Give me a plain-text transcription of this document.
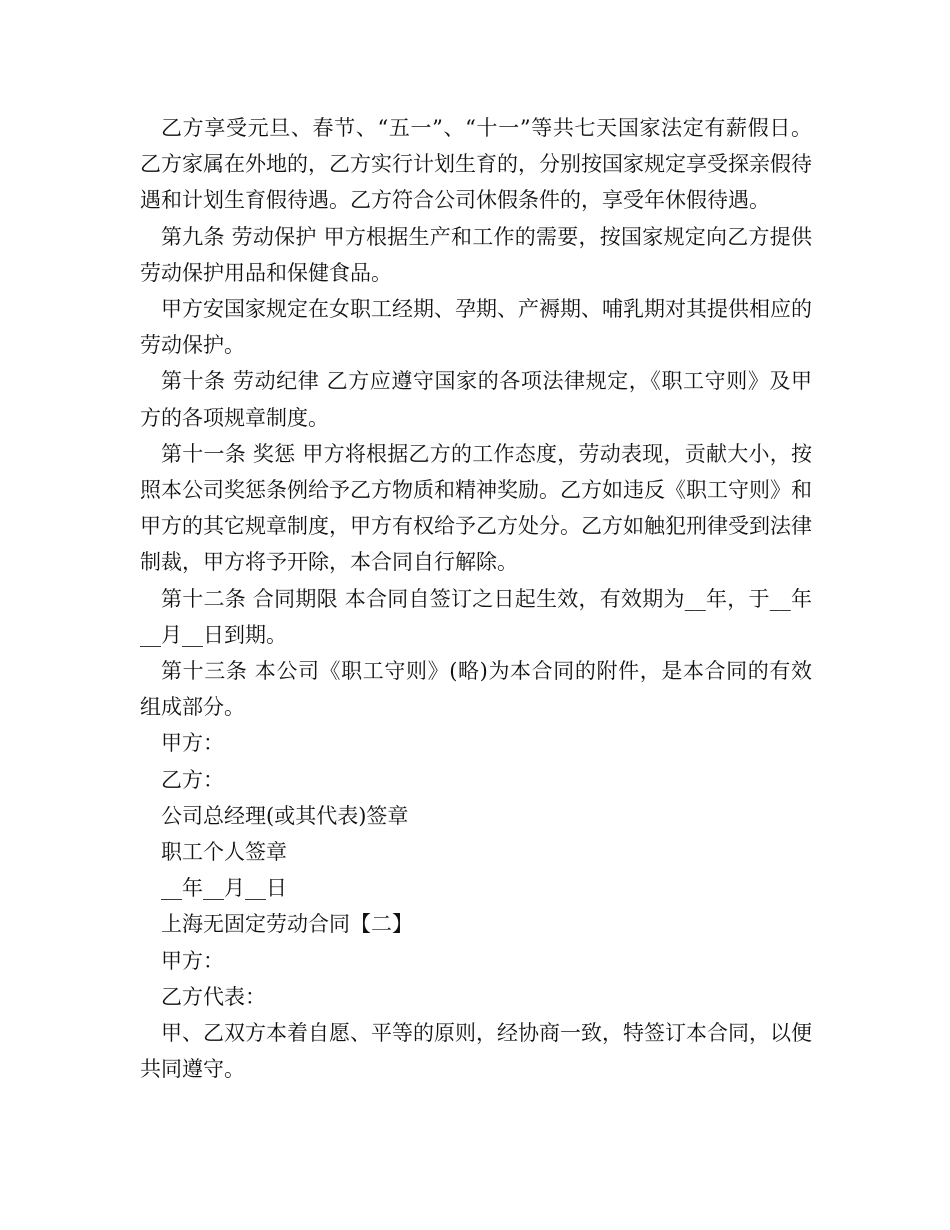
乙方享受元旦、春节、“五一”、“十一”等共七天国家法定有薪假日。乙方家属在外地的，乙方实行计划生育的，分别按国家规定享受探亲假待遇和计划生育假待遇。乙方符合公司休假条件的，享受年休假待遇。

第九条 劳动保护 甲方根据生产和工作的需要，按国家规定向乙方提供劳动保护用品和保健食品。

甲方安国家规定在女职工经期、孕期、产褥期、哺乳期对其提供相应的劳动保护。

第十条 劳动纪律 乙方应遵守国家的各项法律规定，《职工守则》及甲方的各项规章制度。

第十一条 奖惩 甲方将根据乙方的工作态度，劳动表现，贡献大小，按照本公司奖惩条例给予乙方物质和精神奖励。乙方如违反《职工守则》和甲方的其它规章制度，甲方有权给予乙方处分。乙方如触犯刑律受到法律制裁，甲方将予开除，本合同自行解除。

第十二条 合同期限 本合同自签订之日起生效，有效期为__年，于__年__月__日到期。

第十三条 本公司《职工守则》(略)为本合同的附件，是本合同的有效组成部分。

甲方：

乙方：

公司总经理(或其代表)签章

职工个人签章

__年__月__日

上海无固定劳动合同【二】

甲方：

乙方代表：

甲、乙双方本着自愿、平等的原则，经协商一致，特签订本合同，以便共同遵守。
